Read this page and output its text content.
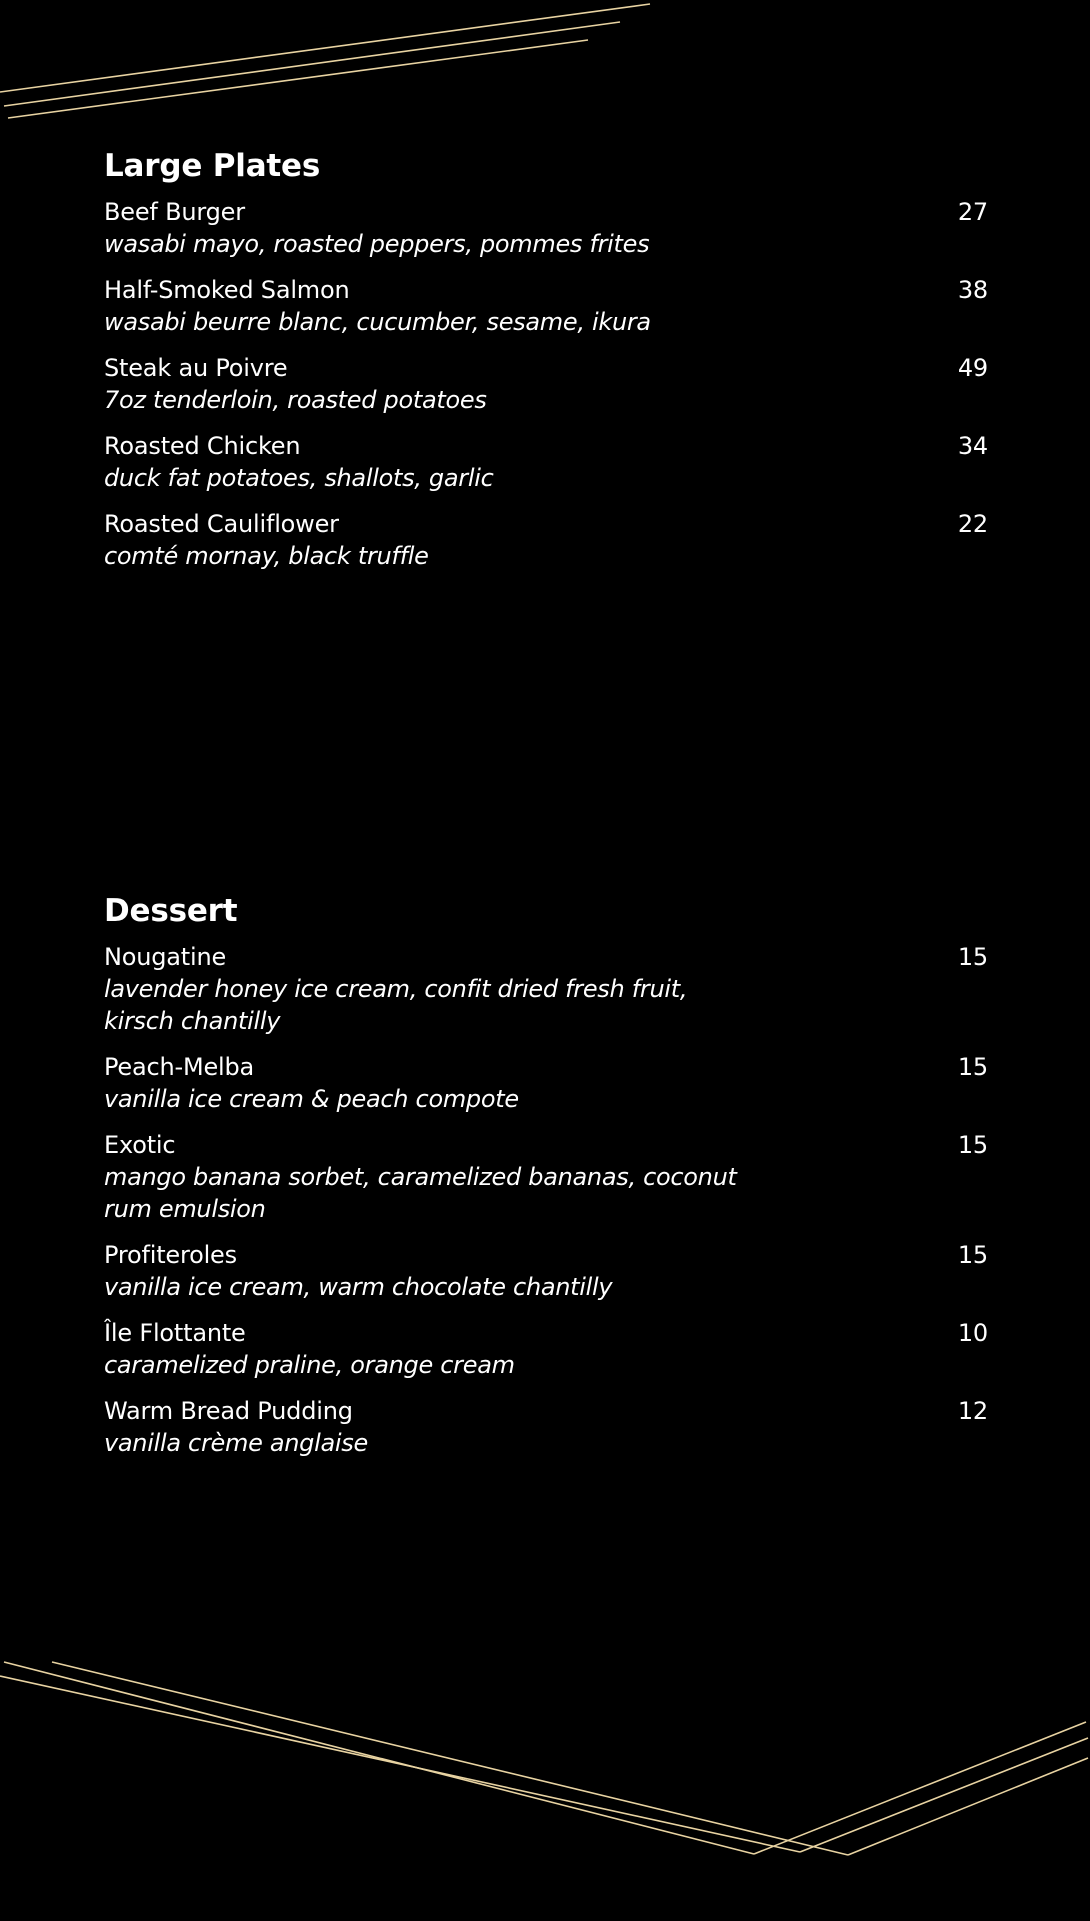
Large Plates
Beef Burger
wasabi mayo, roasted peppers, pommes frites
27
Half-Smoked Salmon
wasabi beurre blanc, cucumber, sesame, ikura
38
Steak au Poivre
7oz tenderloin, roasted potatoes
49
Roasted Chicken
duck fat potatoes, shallots, garlic
34
Roasted Cauliflower
comté mornay, black truffle
22
Dessert
Nougatine
lavender honey ice cream, confit dried fresh fruit, kirsch chantilly
15
Peach-Melba
vanilla ice cream & peach compote
15
Exotic
mango banana sorbet, caramelized bananas, coconut rum emulsion
15
Profiteroles
vanilla ice cream, warm chocolate chantilly
15
Île Flottante
caramelized praline, orange cream
10
Warm Bread Pudding
vanilla crème anglaise
12
